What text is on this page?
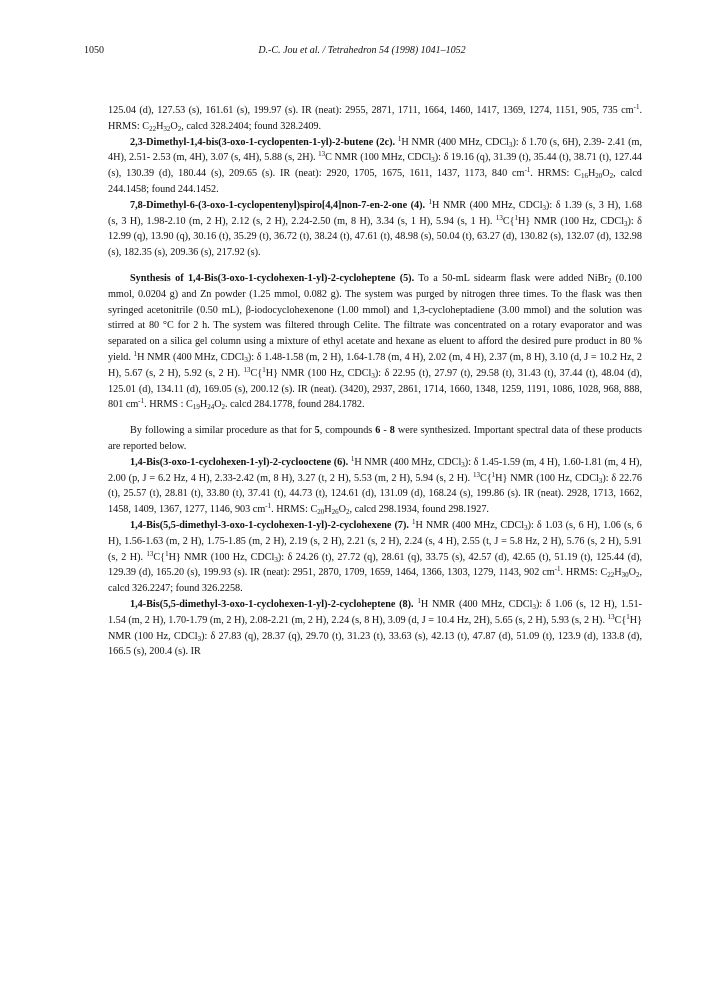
1050	D.-C. Jou et al. / Tetrahedron 54 (1998) 1041–1052

125.04 (d), 127.53 (s), 161.61 (s), 199.97 (s). IR (neat): 2955, 2871, 1711, 1664, 1460, 1417, 1369, 1274, 1151, 905, 735 $cm^{-1}$. HRMS: $C_{22}H_{32}O_2$, calcd 328.2404; found 328.2409.

2,3-Dimethyl-1,4-bis(3-oxo-1-cyclopenten-1-yl)-2-butene (2c). $^1$H NMR (400 MHz, CDCl$_3$): δ 1.70 (s, 6H), 2.39- 2.41 (m, 4H), 2.51- 2.53 (m, 4H), 3.07 (s, 4H), 5.88 (s, 2H). $^{13}$C NMR (100 MHz, CDCl$_3$): δ 19.16 (q), 31.39 (t), 35.44 (t), 38.71 (t), 127.44 (s), 130.39 (d), 180.44 (s), 209.65 (s). IR (neat): 2920, 1705, 1675, 1611, 1437, 1173, 840 $cm^{-1}$. HRMS: $C_{16}H_{20}O_2$, calcd 244.1458; found 244.1452.

7,8-Dimethyl-6-(3-oxo-1-cyclopentenyl)spiro[4,4]non-7-en-2-one (4). $^1$H NMR (400 MHz, CDCl$_3$): δ 1.39 (s, 3 H), 1.68 (s, 3 H), 1.98-2.10 (m, 2 H), 2.12 (s, 2 H), 2.24-2.50 (m, 8 H), 3.34 (s, 1 H), 5.94 (s, 1 H). $^{13}$C{$^1$H} NMR (100 Hz, CDCl$_3$): δ 12.99 (q), 13.90 (q), 30.16 (t), 35.29 (t), 36.72 (t), 38.24 (t), 47.61 (t), 48.98 (s), 50.04 (t), 63.27 (d), 130.82 (s), 132.07 (d), 132.98 (s), 182.35 (s), 209.36 (s), 217.92 (s).

Synthesis of 1,4-Bis(3-oxo-1-cyclohexen-1-yl)-2-cycloheptene (5). To a 50-mL sidearm flask were added NiBr$_2$ (0.100 mmol, 0.0204 g) and Zn powder (1.25 mmol, 0.082 g). The system was purged by nitrogen three times. To the flask was then syringed acetonitrile (0.50 mL), β-iodocyclohexenone (1.00 mmol) and 1,3-cycloheptadiene (3.00 mmol) and the solution was stirred at 80 °C for 2 h. The system was filtered through Celite. The filtrate was concentrated on a rotary evaporator and was separated on a silica gel column using a mixture of ethyl acetate and hexane as eluent to afford the desired pure product in 80 % yield. $^1$H NMR (400 MHz, CDCl$_3$): δ 1.48-1.58 (m, 2 H), 1.64-1.78 (m, 4 H), 2.02 (m, 4 H), 2.37 (m, 8 H), 3.10 (d, J = 10.2 Hz, 2 H), 5.67 (s, 2 H), 5.92 (s, 2 H). $^{13}$C{$^1$H} NMR (100 Hz, CDCl$_3$): δ 22.95 (t), 27.97 (t), 29.58 (t), 31.43 (t), 37.44 (t), 48.04 (d), 125.01 (d), 134.11 (d), 169.05 (s), 200.12 (s). IR (neat). (3420), 2937, 2861, 1714, 1660, 1348, 1259, 1191, 1086, 1028, 968, 888, 801 $cm^{-1}$. HRMS : $C_{19}H_{24}O_2$. calcd 284.1778, found 284.1782.

By following a similar procedure as that for 5, compounds 6 - 8 were synthesized. Important spectral data of these products are reported below.

1,4-Bis(3-oxo-1-cyclohexen-1-yl)-2-cyclooctene (6). $^1$H NMR (400 MHz, CDCl$_3$): δ 1.45-1.59 (m, 4 H), 1.60-1.81 (m, 4 H), 2.00 (p, J = 6.2 Hz, 4 H), 2.33-2.42 (m, 8 H), 3.27 (t, 2 H), 5.53 (m, 2 H), 5.94 (s, 2 H). $^{13}$C{$^1$H} NMR (100 Hz, CDCl$_3$): δ 22.76 (t), 25.57 (t), 28.81 (t), 33.80 (t), 37.41 (t), 44.73 (t), 124.61 (d), 131.09 (d), 168.24 (s), 199.86 (s). IR (neat). 2928, 1713, 1662, 1458, 1409, 1367, 1277, 1146, 903 $cm^{-1}$. HRMS: $C_{20}H_{26}O_2$, calcd 298.1934, found 298.1927.

1,4-Bis(5,5-dimethyl-3-oxo-1-cyclohexen-1-yl)-2-cyclohexene (7). $^1$H NMR (400 MHz, CDCl$_3$): δ 1.03 (s, 6 H), 1.06 (s, 6 H), 1.56-1.63 (m, 2 H), 1.75-1.85 (m, 2 H), 2.19 (s, 2 H), 2.21 (s, 2 H), 2.24 (s, 4 H), 2.55 (t, J = 5.8 Hz, 2 H), 5.76 (s, 2 H), 5.91 (s, 2 H). $^{13}$C{$^1$H} NMR (100 Hz, CDCl$_3$): δ 24.26 (t), 27.72 (q), 28.61 (q), 33.75 (s), 42.57 (d), 42.65 (t), 51.19 (t), 125.44 (d), 129.39 (d), 165.20 (s), 199.93 (s). IR (neat): 2951, 2870, 1709, 1659, 1464, 1366, 1303, 1279, 1143, 902 $cm^{-1}$. HRMS: $C_{22}H_{30}O_2$, calcd 326.2247; found 326.2258.

1,4-Bis(5,5-dimethyl-3-oxo-1-cyclohexen-1-yl)-2-cycloheptene (8). $^1$H NMR (400 MHz, CDCl$_3$): δ 1.06 (s, 12 H), 1.51-1.54 (m, 2 H), 1.70-1.79 (m, 2 H), 2.08-2.21 (m, 2 H), 2.24 (s, 8 H), 3.09 (d, J = 10.4 Hz, 2H), 5.65 (s, 2 H), 5.93 (s, 2 H). $^{13}$C{$^1$H} NMR (100 Hz, CDCl$_3$): δ 27.83 (q), 28.37 (q), 29.70 (t), 31.23 (t), 33.63 (s), 42.13 (t), 47.87 (d), 51.09 (t), 123.9 (d), 133.8 (d), 166.5 (s), 200.4 (s). IR
